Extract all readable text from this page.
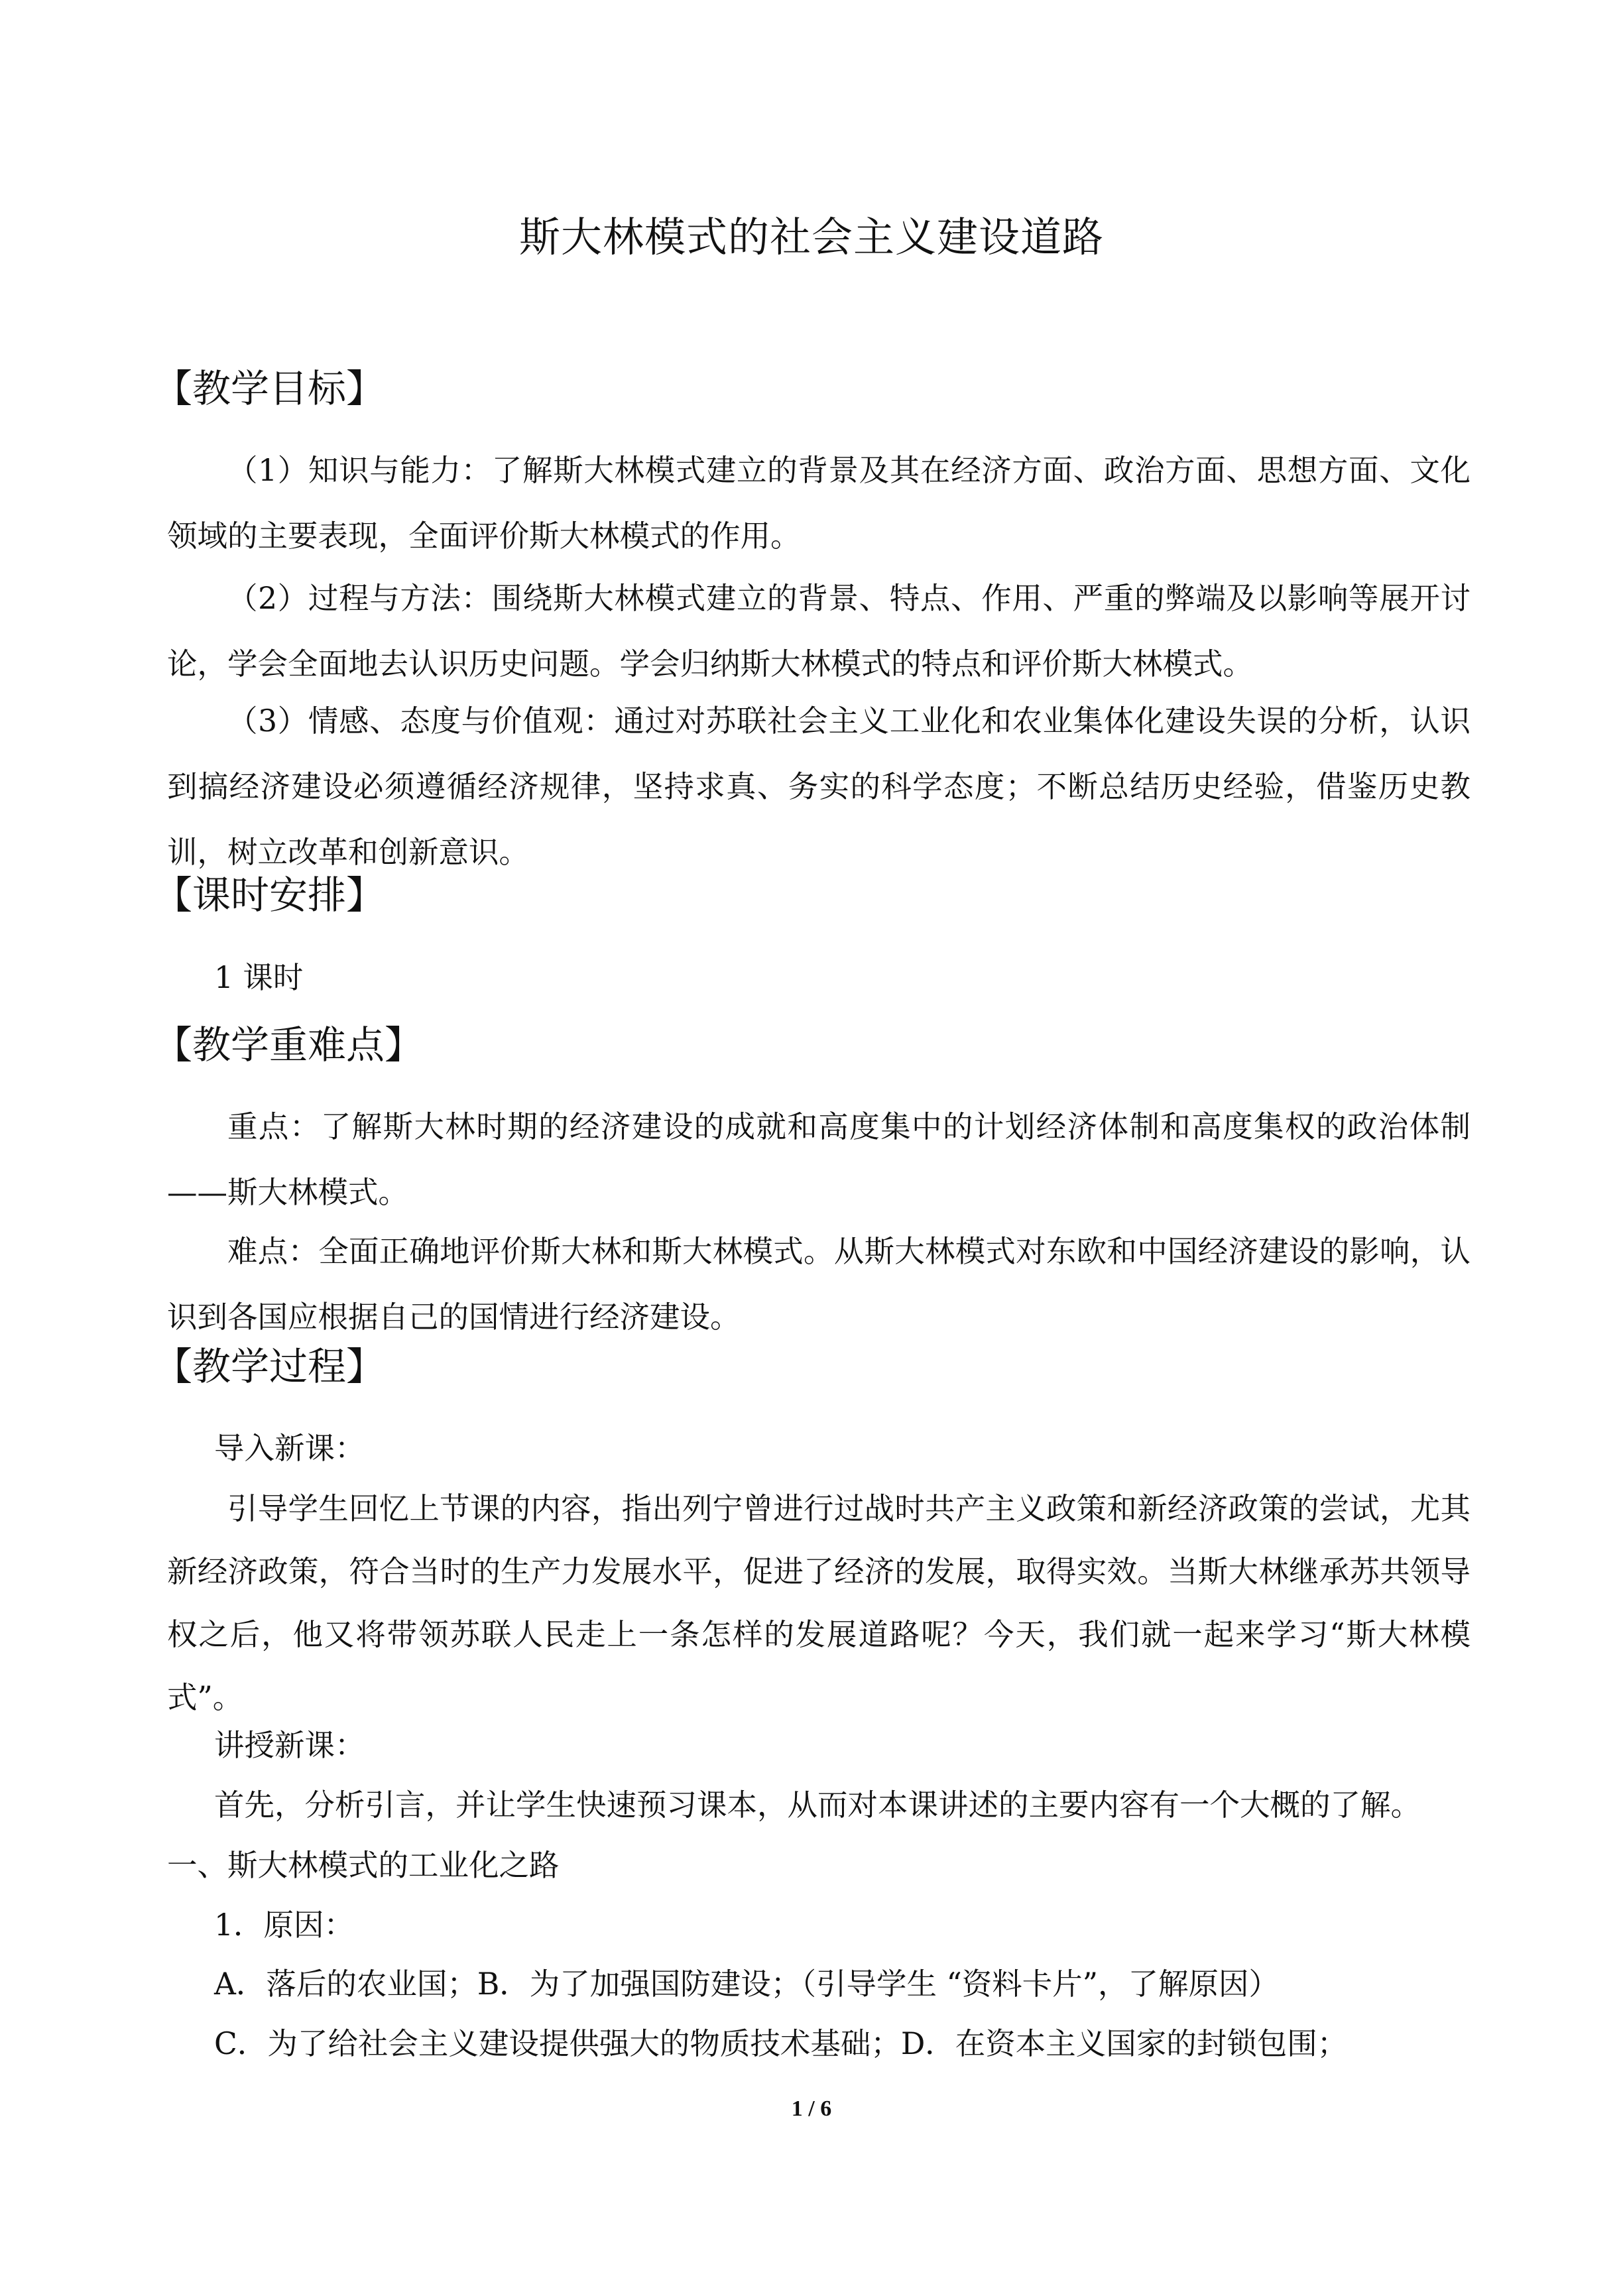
斯大林模式的社会主义建设道路
【教学目标】

（1）知识与能力：了解斯大林模式建立的背景及其在经济方面、政治方面、思想方面、文化领域的主要表现，全面评价斯大林模式的作用。

（2）过程与方法：围绕斯大林模式建立的背景、特点、作用、严重的弊端及以影响等展开讨论，学会全面地去认识历史问题。学会归纳斯大林模式的特点和评价斯大林模式。

（3）情感、态度与价值观：通过对苏联社会主义工业化和农业集体化建设失误的分析，认识到搞经济建设必须遵循经济规律，坚持求真、务实的科学态度；不断总结历史经验，借鉴历史教训，树立改革和创新意识。

【课时安排】
1 课时
【教学重难点】

重点：了解斯大林时期的经济建设的成就和高度集中的计划经济体制和高度集权的政治体制——斯大林模式。

难点：全面正确地评价斯大林和斯大林模式。从斯大林模式对东欧和中国经济建设的影响，认识到各国应根据自己的国情进行经济建设。

【教学过程】
导入新课：

引导学生回忆上节课的内容，指出列宁曾进行过战时共产主义政策和新经济政策的尝试，尤其新经济政策，符合当时的生产力发展水平，促进了经济的发展，取得实效。当斯大林继承苏共领导权之后，他又将带领苏联人民走上一条怎样的发展道路呢？今天，我们就一起来学习“斯大林模式”。

讲授新课：
首先，分析引言，并让学生快速预习课本，从而对本课讲述的主要内容有一个大概的了解。
一、斯大林模式的工业化之路
1．原因：
A．落后的农业国；B．为了加强国防建设；（引导学生 “资料卡片”，了解原因）
C．为了给社会主义建设提供强大的物质技术基础；D．在资本主义国家的封锁包围；
1 / 6
